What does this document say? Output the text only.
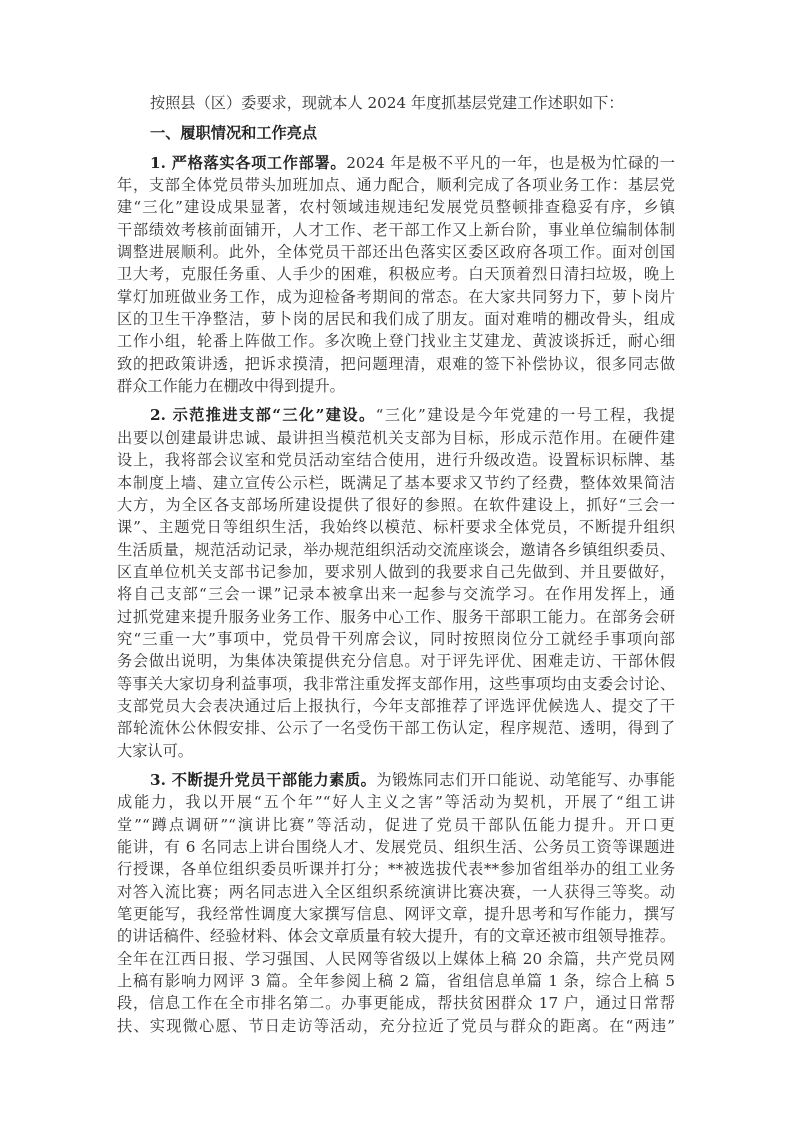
按照县（区）委要求，现就本人 2024 年度抓基层党建工作述职如下：
一、履职情况和工作亮点
1. 严格落实各项工作部署。2024 年是极不平凡的一年，也是极为忙碌的一
年，支部全体党员带头加班加点、通力配合，顺利完成了各项业务工作：基层党
建“三化”建设成果显著，农村领域违规违纪发展党员整顿排查稳妥有序，乡镇
干部绩效考核前面铺开，人才工作、老干部工作又上新台阶，事业单位编制体制
调整进展顺利。此外，全体党员干部还出色落实区委区政府各项工作。面对创国
卫大考，克服任务重、人手少的困难，积极应考。白天顶着烈日清扫垃圾，晚上
掌灯加班做业务工作，成为迎检备考期间的常态。在大家共同努力下，萝卜岗片
区的卫生干净整洁，萝卜岗的居民和我们成了朋友。面对难啃的棚改骨头，组成
工作小组，轮番上阵做工作。多次晚上登门找业主艾建龙、黄波谈拆迁，耐心细
致的把政策讲透，把诉求摸清，把问题理清，艰难的签下补偿协议，很多同志做
群众工作能力在棚改中得到提升。
2. 示范推进支部“三化”建设。“三化”建设是今年党建的一号工程，我提
出要以创建最讲忠诚、最讲担当模范机关支部为目标，形成示范作用。在硬件建
设上，我将部会议室和党员活动室结合使用，进行升级改造。设置标识标牌、基
本制度上墙、建立宣传公示栏，既满足了基本要求又节约了经费，整体效果简洁
大方，为全区各支部场所建设提供了很好的参照。在软件建设上，抓好“三会一
课”、主题党日等组织生活，我始终以模范、标杆要求全体党员，不断提升组织
生活质量，规范活动记录，举办规范组织活动交流座谈会，邀请各乡镇组织委员、
区直单位机关支部书记参加，要求别人做到的我要求自己先做到、并且要做好，
将自己支部“三会一课”记录本被拿出来一起参与交流学习。在作用发挥上，通
过抓党建来提升服务业务工作、服务中心工作、服务干部职工能力。在部务会研
究“三重一大”事项中，党员骨干列席会议，同时按照岗位分工就经手事项向部
务会做出说明，为集体决策提供充分信息。对于评先评优、困难走访、干部休假
等事关大家切身利益事项，我非常注重发挥支部作用，这些事项均由支委会讨论、
支部党员大会表决通过后上报执行，今年支部推荐了评选评优候选人、提交了干
部轮流休公休假安排、公示了一名受伤干部工伤认定，程序规范、透明，得到了
大家认可。
3. 不断提升党员干部能力素质。为锻炼同志们开口能说、动笔能写、办事能
成能力，我以开展“五个年”“好人主义之害”等活动为契机，开展了“组工讲
堂”“蹲点调研”“演讲比赛”等活动，促进了党员干部队伍能力提升。开口更
能讲，有 6 名同志上讲台围绕人才、发展党员、组织生活、公务员工资等课题进
行授课，各单位组织委员听课并打分；**被选拔代表**参加省组举办的组工业务
对答入流比赛；两名同志进入全区组织系统演讲比赛决赛，一人获得三等奖。动
笔更能写，我经常性调度大家撰写信息、网评文章，提升思考和写作能力，撰写
的讲话稿件、经验材料、体会文章质量有较大提升，有的文章还被市组领导推荐。
全年在江西日报、学习强国、人民网等省级以上媒体上稿 20 余篇，共产党员网
上稿有影响力网评 3 篇。全年参阅上稿 2 篇，省组信息单篇 1 条，综合上稿 5
段，信息工作在全市排名第二。办事更能成，帮扶贫困群众 17 户，通过日常帮
扶、实现微心愿、节日走访等活动，充分拉近了党员与群众的距离。在“两违”
